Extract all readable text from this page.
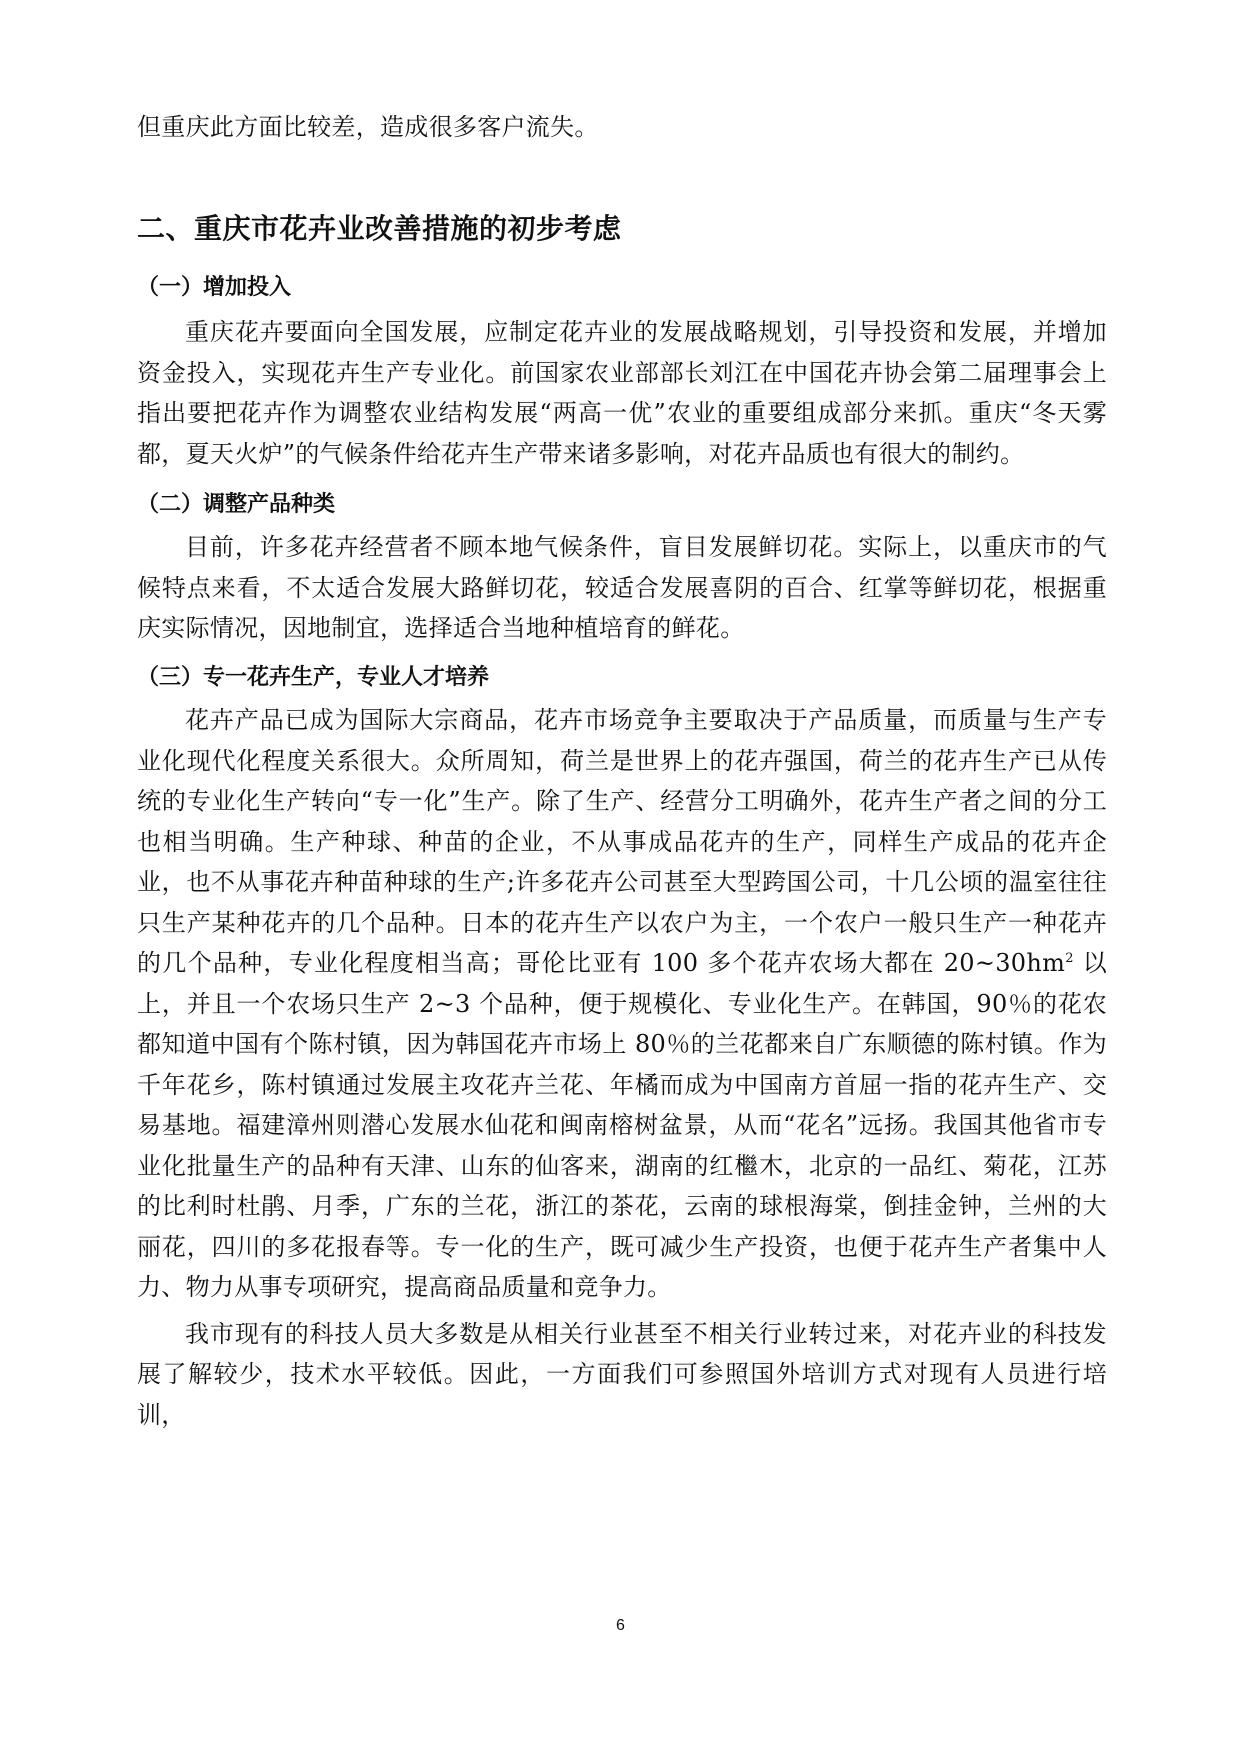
但重庆此方面比较差，造成很多客户流失。

二、重庆市花卉业改善措施的初步考虑
（一）增加投入

重庆花卉要面向全国发展，应制定花卉业的发展战略规划，引导投资和发展，并增加资金投入，实现花卉生产专业化。前国家农业部部长刘江在中国花卉协会第二届理事会上指出要把花卉作为调整农业结构发展“两高一优”农业的重要组成部分来抓。重庆“冬天雾都，夏天火炉”的气候条件给花卉生产带来诸多影响，对花卉品质也有很大的制约。

（二）调整产品种类

目前，许多花卉经营者不顾本地气候条件，盲目发展鲜切花。实际上，以重庆市的气候特点来看，不太适合发展大路鲜切花，较适合发展喜阴的百合、红掌等鲜切花，根据重庆实际情况，因地制宜，选择适合当地种植培育的鲜花。

（三）专一花卉生产，专业人才培养

花卉产品已成为国际大宗商品，花卉市场竞争主要取决于产品质量，而质量与生产专业化现代化程度关系很大。众所周知，荷兰是世界上的花卉强国，荷兰的花卉生产已从传统的专业化生产转向“专一化”生产。除了生产、经营分工明确外，花卉生产者之间的分工也相当明确。生产种球、种苗的企业，不从事成品花卉的生产，同样生产成品的花卉企业，也不从事花卉种苗种球的生产;许多花卉公司甚至大型跨国公司，十几公顷的温室往往只生产某种花卉的几个品种。日本的花卉生产以农户为主，一个农户一般只生产一种花卉的几个品种，专业化程度相当高；哥伦比亚有 100 多个花卉农场大都在 $20\sim 30hm^2$ 以上，并且一个农场只生产 2~3 个品种，便于规模化、专业化生产。在韩国，90％的花农都知道中国有个陈村镇，因为韩国花卉市场上 80％的兰花都来自广东顺德的陈村镇。作为千年花乡，陈村镇通过发展主攻花卉兰花、年橘而成为中国南方首屈一指的花卉生产、交易基地。福建漳州则潜心发展水仙花和闽南榕树盆景，从而“花名”远扬。我国其他省市专业化批量生产的品种有天津、山东的仙客来，湖南的红檵木，北京的一品红、菊花，江苏的比利时杜鹃、月季，广东的兰花，浙江的茶花，云南的球根海棠，倒挂金钟，兰州的大丽花，四川的多花报春等。专一化的生产，既可减少生产投资，也便于花卉生产者集中人力、物力从事专项研究，提高商品质量和竞争力。

我市现有的科技人员大多数是从相关行业甚至不相关行业转过来，对花卉业的科技发展了解较少，技术水平较低。因此，一方面我们可参照国外培训方式对现有人员进行培训，

6
